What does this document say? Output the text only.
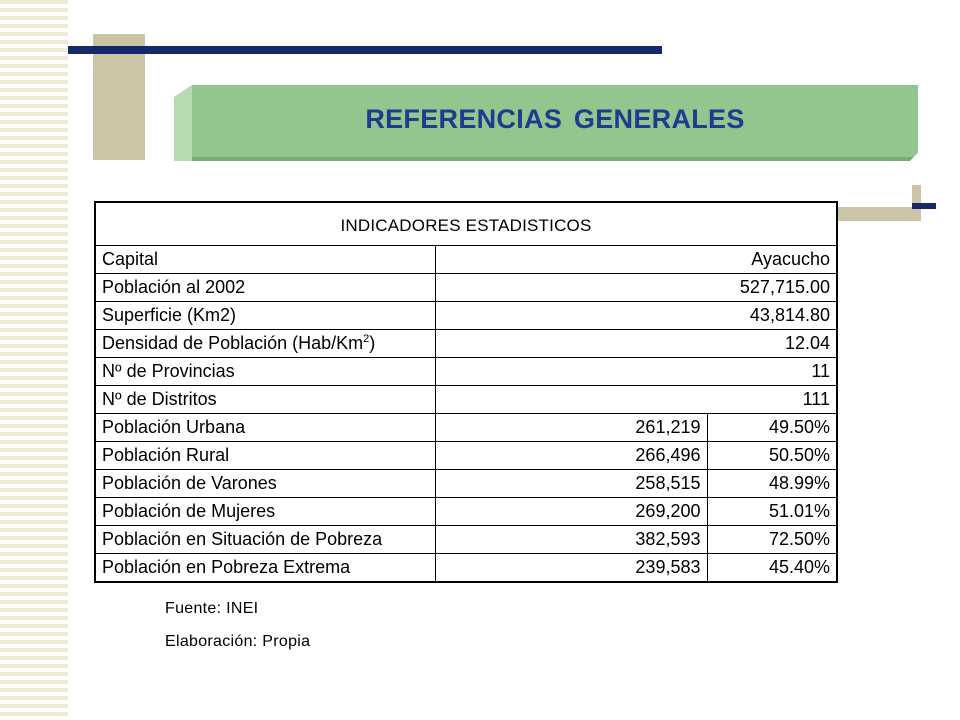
REFERENCIAS GENERALES
INDICADORES ESTADISTICOS		
Capital	Ayacucho	
Población al 2002	527,715.00	
Superficie (Km2)	43,814.80	
Densidad de Población (Hab/Km$^2$)	12.04	
Nº de Provincias	11	
Nº de Distritos	111	
Población Urbana	261,219	49.50%
Población Rural	266,496	50.50%
Población de Varones	258,515	48.99%
Población de Mujeres	269,200	51.01%
Población en Situación de Pobreza	382,593	72.50%
Población en Pobreza Extrema	239,583	45.40%
Fuente: INEI
Elaboración: Propia
